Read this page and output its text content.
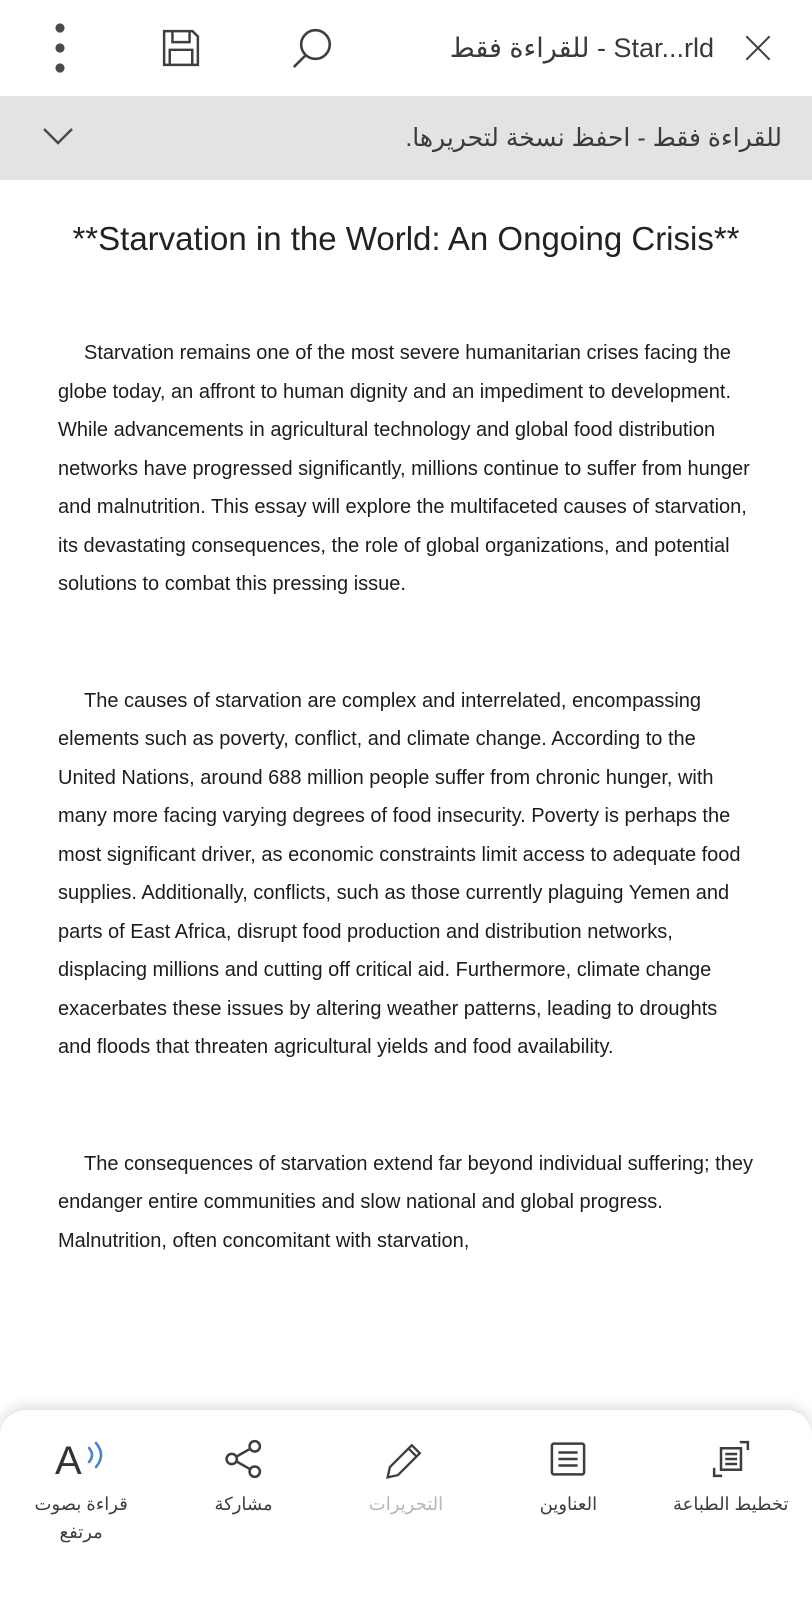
للقراءة فقط - Star...rld
للقراءة فقط - احفظ نسخة لتحريرها.
**Starvation in the World: An Ongoing Crisis**

Starvation remains one of the most severe humanitarian crises facing the globe today, an affront to human dignity and an impediment to development. While advancements in agricultural technology and global food distribution networks have progressed significantly, millions continue to suffer from hunger and malnutrition. This essay will explore the multifaceted causes of starvation, its devastating consequences, the role of global organizations, and potential solutions to combat this pressing issue.

The causes of starvation are complex and interrelated, encompassing elements such as poverty, conflict, and climate change. According to the United Nations, around 688 million people suffer from chronic hunger, with many more facing varying degrees of food insecurity. Poverty is perhaps the most significant driver, as economic constraints limit access to adequate food supplies. Additionally, conflicts, such as those currently plaguing Yemen and parts of East Africa, disrupt food production and distribution networks, displacing millions and cutting off critical aid. Furthermore, climate change exacerbates these issues by altering weather patterns, leading to droughts and floods that threaten agricultural yields and food availability.

The consequences of starvation extend far beyond individual suffering; they endanger entire communities and slow national and global progress. Malnutrition, often concomitant with starvation,

A
قراءة بصوت مرتفع
مشاركة	التحريرات	العناوين	تخطيط الطباعة
